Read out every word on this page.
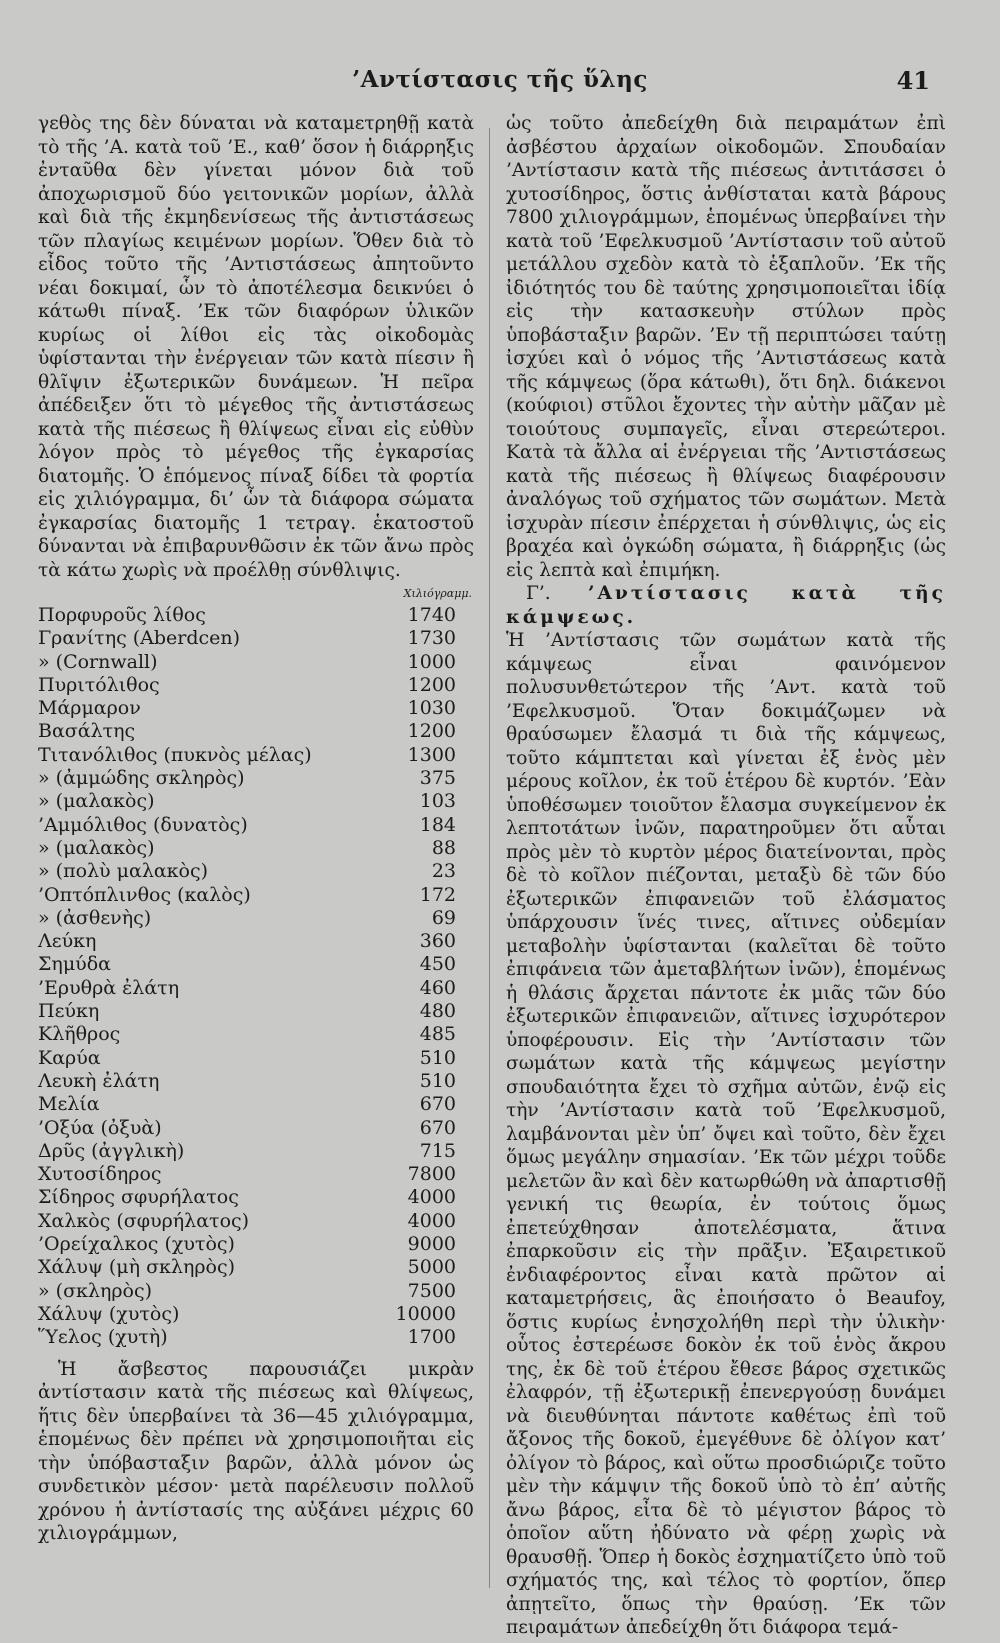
’Αντίστασις τῆς ὕλης	41

γεθὸς της δὲν δύναται νὰ καταμετρηθῇ κατὰ τὸ τῆς ’Α. κατὰ τοῦ ’Ε., καθ’ ὅσον ἡ διάρρηξις ἐνταῦθα δὲν γίνεται μόνον διὰ τοῦ ἀποχωρισμοῦ δύο γειτονικῶν μορίων, ἀλλὰ καὶ διὰ τῆς ἐκμηδενίσεως τῆς ἀντιστάσεως τῶν πλαγίως κειμένων μορίων. Ὅθεν διὰ τὸ εἶδος τοῦτο τῆς ’Αντιστάσεως ἀπητοῦντο νέαι δοκιμαί, ὧν τὸ ἀποτέλεσμα δεικνύει ὁ κάτωθι πίναξ. ’Εκ τῶν διαφόρων ὑλικῶν κυρίως οἱ λίθοι εἰς τὰς οἰκοδομὰς ὑφίστανται τὴν ἐνέργειαν τῶν κατὰ πίεσιν ἢ θλῖψιν ἐξωτερικῶν δυνάμεων. Ἡ πεῖρα ἀπέδειξεν ὅτι τὸ μέγεθος τῆς ἀντιστάσεως κατὰ τῆς πιέσεως ἢ θλίψεως εἶναι εἰς εὐθὺν λόγον πρὸς τὸ μέγεθος τῆς ἐγκαρσίας διατομῆς. Ὁ ἑπόμενος πίναξ δίδει τὰ φορτία εἰς χιλιόγραμμα, δι’ ὧν τὰ διάφορα σώματα ἐγκαρσίας διατομῆς 1 τετραγ. ἑκατοστοῦ δύνανται νὰ ἐπιβαρυνθῶσιν ἐκ τῶν ἄνω πρὸς τὰ κάτω χωρὶς νὰ προέλθῃ σύνθλιψις.

Χιλιόγραμμ.
Πορφυροῦς λίθος	1740
Γρανίτης (Aberdcen)	1730
» (Cornwall)	1000
Πυριτόλιθος	1200
Μάρμαρον	1030
Βασάλτης	1200
Τιτανόλιθος (πυκνὸς μέλας)	1300
» (ἀμμώδης σκληρὸς)	375
» (μαλακὸς)	103
’Αμμόλιθος (δυνατὸς)	184
» (μαλακὸς)	88
» (πολὺ μαλακὸς)	23
’Οπτόπλινθος (καλὸς)	172
» (ἀσθενὴς)	69
Λεύκη	360
Σημύδα	450
’Ερυθρὰ ἐλάτη	460
Πεύκη	480
Κλῆθρος	485
Καρύα	510
Λευκὴ ἐλάτη	510
Μελία	670
’Οξύα (ὀξυὰ)	670
Δρῦς (ἀγγλικὴ)	715
Χυτοσίδηρος	7800
Σίδηρος σφυρήλατος	4000
Χαλκὸς (σφυρήλατος)	4000
’Ορείχαλκος (χυτὸς)	9000
Χάλυψ (μὴ σκληρὸς)	5000
» (σκληρὸς)	7500
Χάλυψ (χυτὸς)	10000
Ὕελος (χυτὴ)	1700

Ἡ ἄσβεστος παρουσιάζει μικρὰν ἀντίστασιν κατὰ τῆς πιέσεως καὶ θλίψεως, ἥτις δὲν ὑπερβαίνει τὰ 36—45 χιλιόγραμμα, ἑπομένως δὲν πρέπει νὰ χρησιμοποιῆται εἰς τὴν ὑπόβασταξιν βαρῶν, ἀλλὰ μόνον ὡς συνδετικὸν μέσον· μετὰ παρέλευσιν πολλοῦ χρόνου ἡ ἀντίστασίς της αὐξάνει μέχρις 60 χιλιογράμμων,

ὡς τοῦτο ἀπεδείχθη διὰ πειραμάτων ἐπὶ ἀσβέστου ἀρχαίων οἰκοδομῶν. Σπουδαίαν ’Αντίστασιν κατὰ τῆς πιέσεως ἀντιτάσσει ὁ χυτοσίδηρος, ὅστις ἀνθίσταται κατὰ βάρους 7800 χιλιογράμμων, ἑπομένως ὑπερβαίνει τὴν κατὰ τοῦ ’Εφελκυσμοῦ ’Αντίστασιν τοῦ αὐτοῦ μετάλλου σχεδὸν κατὰ τὸ ἑξαπλοῦν. ’Εκ τῆς ἰδιότητός του δὲ ταύτης χρησιμοποιεῖται ἰδίᾳ εἰς τὴν κατασκευὴν στύλων πρὸς ὑποβάσταξιν βαρῶν. ’Εν τῇ περιπτώσει ταύτῃ ἰσχύει καὶ ὁ νόμος τῆς ’Αντιστάσεως κατὰ τῆς κάμψεως (ὅρα κάτωθι), ὅτι δηλ. διάκενοι (κούφιοι) στῦλοι ἔχοντες τὴν αὐτὴν μᾶζαν μὲ τοιούτους συμπαγεῖς, εἶναι στερεώτεροι. Κατὰ τὰ ἄλλα αἱ ἐνέργειαι τῆς ’Αντιστάσεως κατὰ τῆς πιέσεως ἢ θλίψεως διαφέρουσιν ἀναλόγως τοῦ σχήματος τῶν σωμάτων. Μετὰ ἰσχυρὰν πίεσιν ἐπέρχεται ἡ σύνθλιψις, ὡς εἰς βραχέα καὶ ὀγκώδη σώματα, ἢ διάρρηξις (ὡς εἰς λεπτὰ καὶ ἐπιμήκη.

Γ’. ’Αντίστασις κατὰ τῆς κάμψεως.

Ἡ ’Αντίστασις τῶν σωμάτων κατὰ τῆς κάμψεως εἶναι φαινόμενον πολυσυνθετώτερον τῆς ’Αντ. κατὰ τοῦ ’Εφελκυσμοῦ. Ὅταν δοκιμάζωμεν νὰ θραύσωμεν ἔλασμά τι διὰ τῆς κάμψεως, τοῦτο κάμπτεται καὶ γίνεται ἐξ ἑνὸς μὲν μέρους κοῖλον, ἐκ τοῦ ἑτέρου δὲ κυρτόν. ’Εὰν ὑποθέσωμεν τοιοῦτον ἔλασμα συγκείμενον ἐκ λεπτοτάτων ἰνῶν, παρατηροῦμεν ὅτι αὗται πρὸς μὲν τὸ κυρτὸν μέρος διατείνονται, πρὸς δὲ τὸ κοῖλον πιέζονται, μεταξὺ δὲ τῶν δύο ἐξωτερικῶν ἐπιφανειῶν τοῦ ἐλάσματος ὑπάρχουσιν ἵνές τινες, αἵτινες οὐδεμίαν μεταβολὴν ὑφίστανται (καλεῖται δὲ τοῦτο ἐπιφάνεια τῶν ἀμεταβλήτων ἰνῶν), ἑπομένως ἡ θλάσις ἄρχεται πάντοτε ἐκ μιᾶς τῶν δύο ἐξωτερικῶν ἐπιφανειῶν, αἵτινες ἰσχυρότερον ὑποφέρουσιν. Εἰς τὴν ’Αντίστασιν τῶν σωμάτων κατὰ τῆς κάμψεως μεγίστην σπουδαιότητα ἔχει τὸ σχῆμα αὐτῶν, ἐνῷ εἰς τὴν ’Αντίστασιν κατὰ τοῦ ’Εφελκυσμοῦ, λαμβάνονται μὲν ὑπ’ ὄψει καὶ τοῦτο, δὲν ἔχει ὅμως μεγάλην σημασίαν. ’Εκ τῶν μέχρι τοῦδε μελετῶν ἂν καὶ δὲν κατωρθώθη νὰ ἀπαρτισθῇ γενική τις θεωρία, ἐν τούτοις ὅμως ἐπετεύχθησαν ἀποτελέσματα, ἅτινα ἐπαρκοῦσιν εἰς τὴν πρᾶξιν. Ἐξαιρετικοῦ ἐνδιαφέροντος εἶναι κατὰ πρῶτον αἱ καταμετρήσεις, ἃς ἐποιήσατο ὁ Beaufoy, ὅστις κυρίως ἐνησχολήθη περὶ τὴν ὑλικὴν· οὗτος ἐστερέωσε δοκὸν ἐκ τοῦ ἑνὸς ἄκρου της, ἐκ δὲ τοῦ ἑτέρου ἔθεσε βάρος σχετικῶς ἐλαφρόν, τῇ ἐξωτερικῇ ἐπενεργούσῃ δυνάμει νὰ διευθύνηται πάντοτε καθέτως ἐπὶ τοῦ ἄξονος τῆς δοκοῦ, ἐμεγέθυνε δὲ ὀλίγον κατ’ ὀλίγον τὸ βάρος, καὶ οὕτω προσδιώριζε τοῦτο μὲν τὴν κάμψιν τῆς δοκοῦ ὑπὸ τὸ ἐπ’ αὐτῆς ἄνω βάρος, εἶτα δὲ τὸ μέγιστον βάρος τὸ ὁποῖον αὕτη ἠδύνατο νὰ φέρῃ χωρὶς νὰ θραυσθῇ. Ὅπερ ἡ δοκὸς ἐσχηματίζετο ὑπὸ τοῦ σχήματός της, καὶ τέλος τὸ φορτίον, ὅπερ ἀπῃτεῖτο, ὅπως τὴν θραύσῃ. ’Εκ τῶν πειραμάτων ἀπεδείχθη ὅτι διάφορα τεμά-
